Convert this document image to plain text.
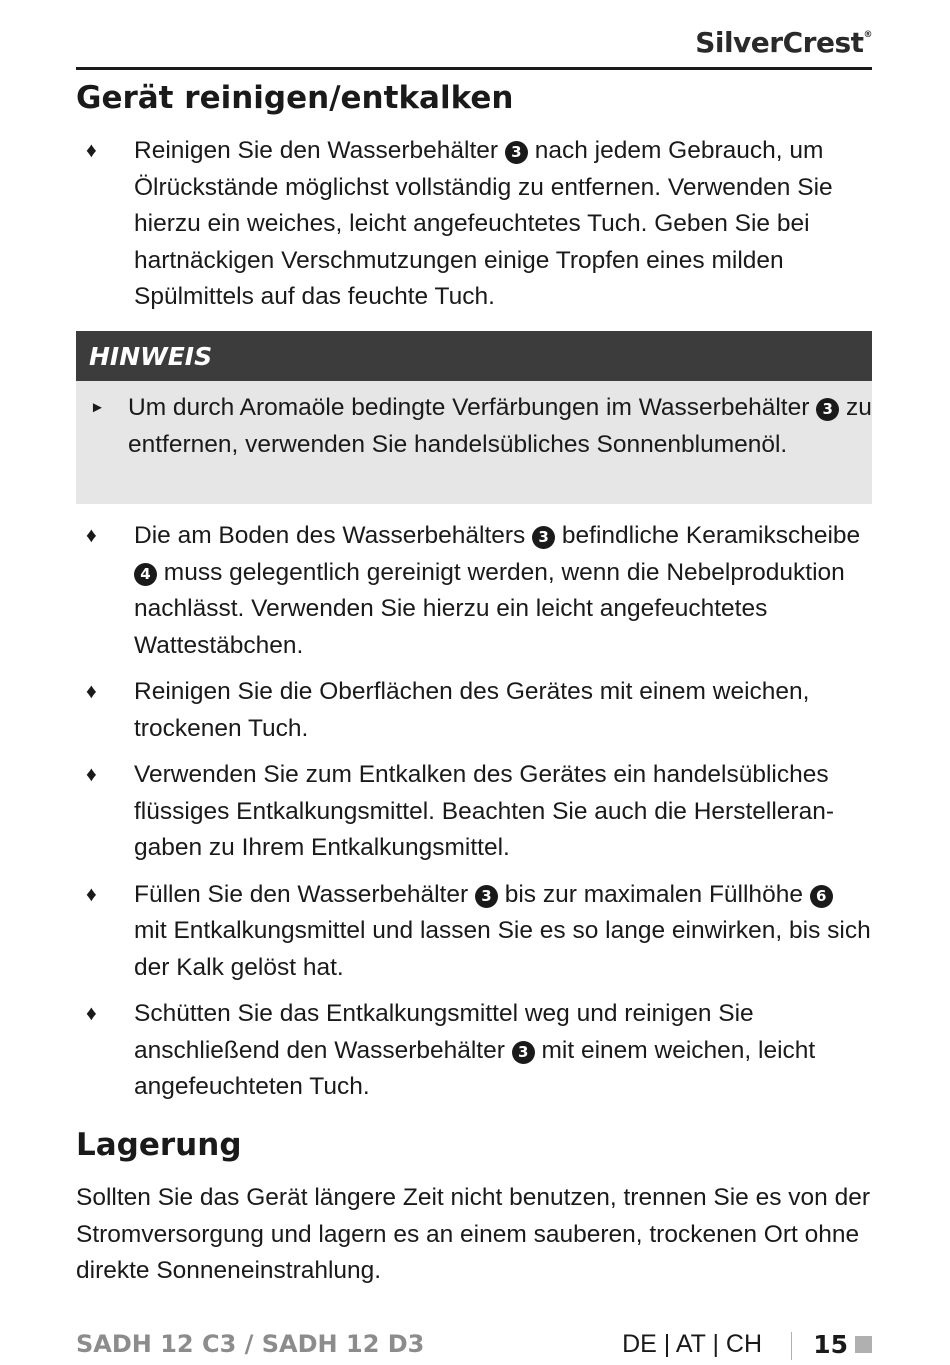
SilverCrest®
Gerät reinigen/entkalken
♦ Reinigen Sie den Wasserbehälter 3 nach jedem Gebrauch, um Ölrückstände möglichst vollständig zu entfernen. Verwenden Sie hierzu ein weiches, leicht angefeuchtetes Tuch. Geben Sie bei hartnäckigen Verschmutzungen einige Tropfen eines milden Spülmittels auf das feuchte Tuch.
HINWEIS
► Um durch Aromaöle bedingte Verfärbungen im Wasserbehälter 3 zu entfernen, verwenden Sie handelsübliches Sonnenblumenöl.
♦ Die am Boden des Wasserbehälters 3 befindliche Keramikscheibe 4 muss gelegentlich gereinigt werden, wenn die Nebelproduktion nachlässt. Verwenden Sie hierzu ein leicht angefeuchtetes Wattestäbchen.
♦ Reinigen Sie die Oberflächen des Gerätes mit einem weichen, trockenen Tuch.
♦ Verwenden Sie zum Entkalken des Gerätes ein handelsübliches flüssiges Entkalkungsmittel. Beachten Sie auch die Herstellerangaben zu Ihrem Entkalkungsmittel.
♦ Füllen Sie den Wasserbehälter 3 bis zur maximalen Füllhöhe 6 mit Entkalkungsmittel und lassen Sie es so lange einwirken, bis sich der Kalk gelöst hat.
♦ Schütten Sie das Entkalkungsmittel weg und reinigen Sie anschließend den Wasserbehälter 3 mit einem weichen, leicht angefeuchteten Tuch.
Lagerung

Sollten Sie das Gerät längere Zeit nicht benutzen, trennen Sie es von der Stromversorgung und lagern es an einem sauberen, trockenen Ort ohne direkte Sonneneinstrahlung.

SADH 12 C3 / SADH 12 D3	DE | AT | CH 15
